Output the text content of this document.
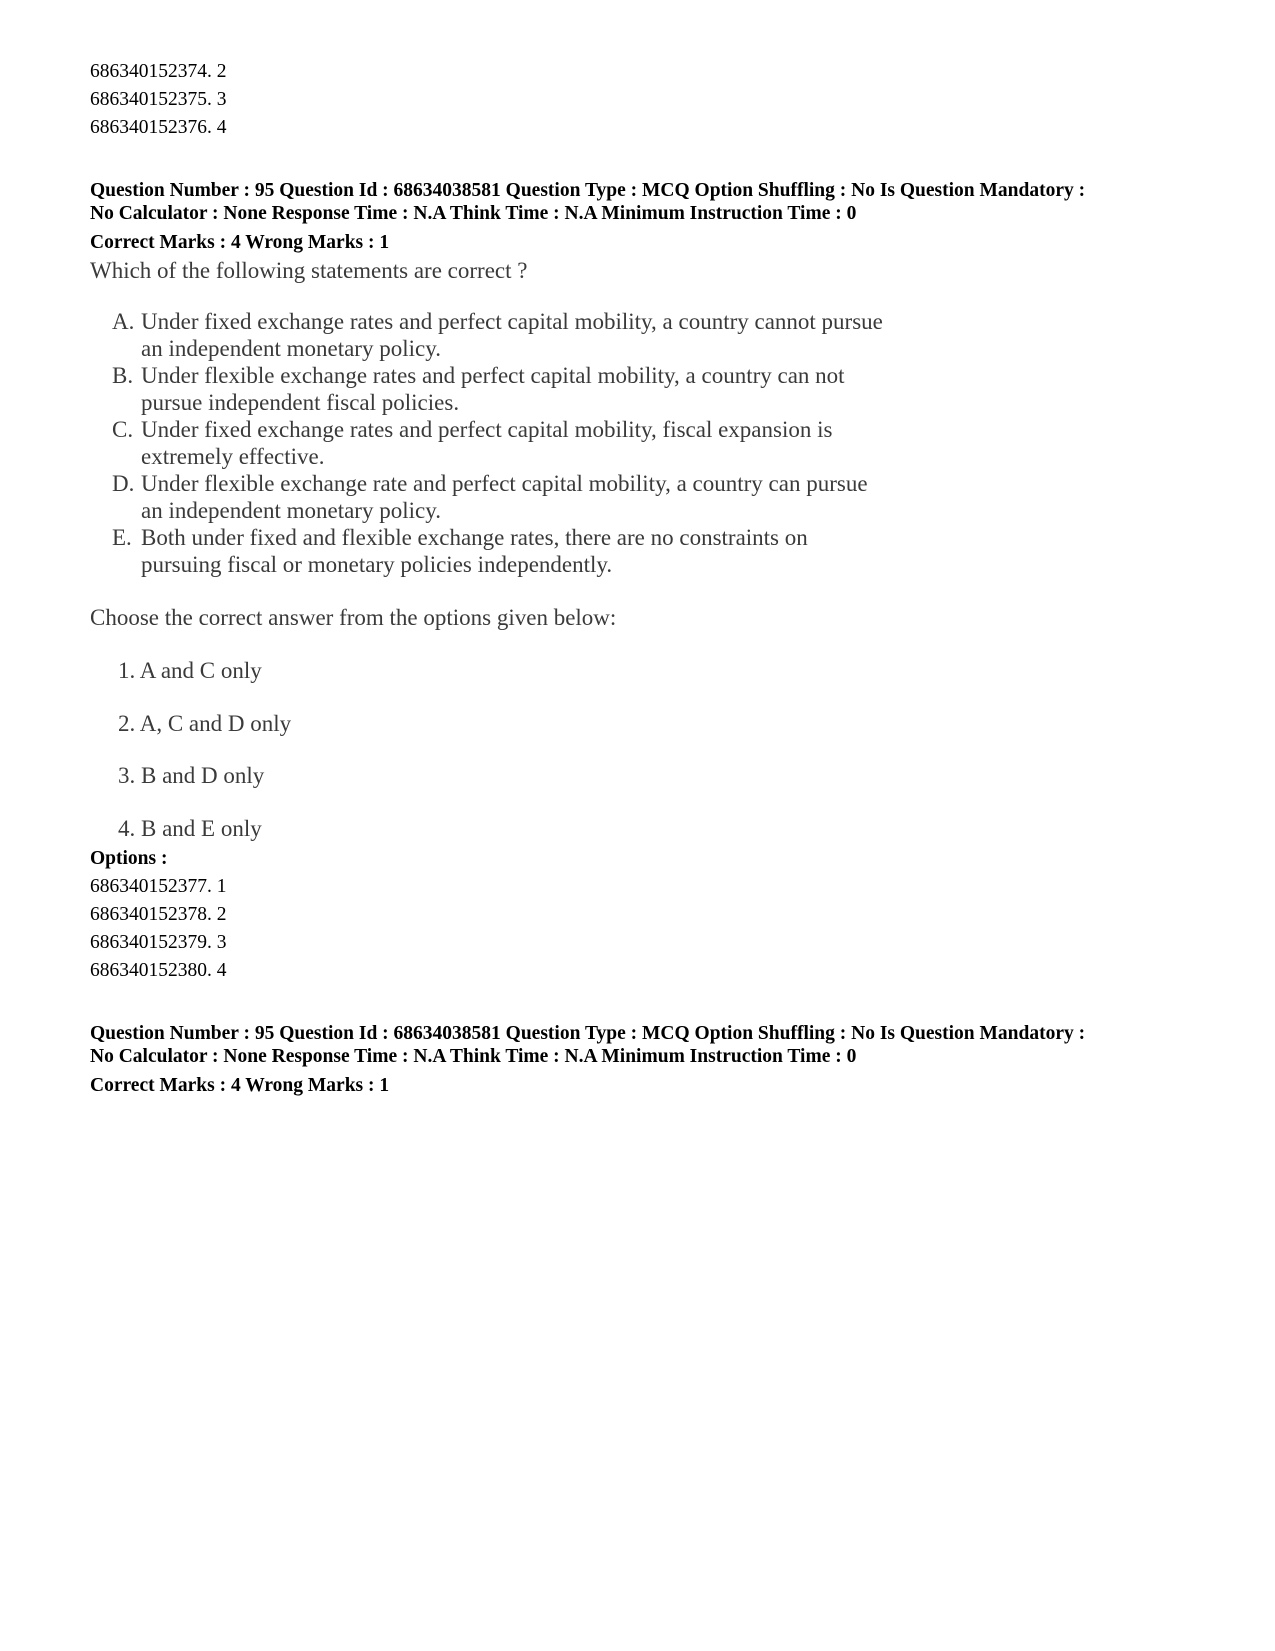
686340152374. 2
686340152375. 3
686340152376. 4
Question Number : 95 Question Id : 68634038581 Question Type : MCQ Option Shuffling : No Is Question Mandatory :
No Calculator : None Response Time : N.A Think Time : N.A Minimum Instruction Time : 0
Correct Marks : 4 Wrong Marks : 1
Which of the following statements are correct ?
A. Under fixed exchange rates and perfect capital mobility, a country cannot pursue an independent monetary policy.
B. Under flexible exchange rates and perfect capital mobility, a country can not pursue independent fiscal policies.
C. Under fixed exchange rates and perfect capital mobility, fiscal expansion is extremely effective.
D. Under flexible exchange rate and perfect capital mobility, a country can pursue an independent monetary policy.
E. Both under fixed and flexible exchange rates, there are no constraints on pursuing fiscal or monetary policies independently.
Choose the correct answer from the options given below:
1. A and C only
2. A, C and D only
3. B and D only
4. B and E only
Options :
686340152377. 1
686340152378. 2
686340152379. 3
686340152380. 4
Question Number : 95 Question Id : 68634038581 Question Type : MCQ Option Shuffling : No Is Question Mandatory :
No Calculator : None Response Time : N.A Think Time : N.A Minimum Instruction Time : 0
Correct Marks : 4 Wrong Marks : 1
